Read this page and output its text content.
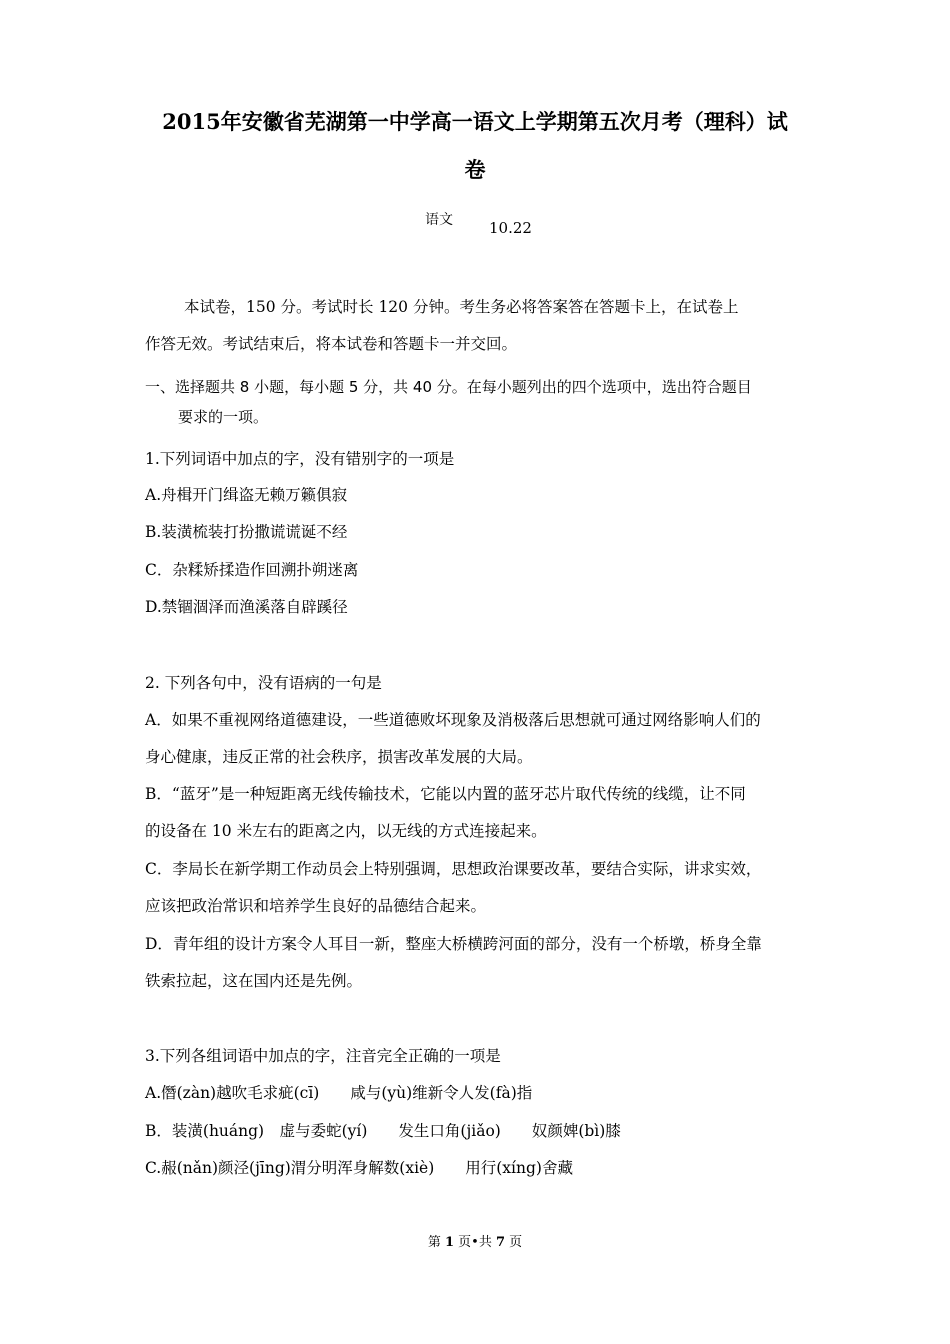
2015年安徽省芜湖第一中学高一语文上学期第五次月考（理科）试
卷
语文 10.22
本试卷，150 分。考试时长 120 分钟。考生务必将答案答在答题卡上，在试卷上
作答无效。考试结束后，将本试卷和答题卡一并交回。
一、选择题共 8 小题，每小题 5 分，共 40 分。在每小题列出的四个选项中，选出符合题目
要求的一项。
1.下列词语中加点的字，没有错别字的一项是
A.舟楫开门缉盗无赖万籁俱寂
B.装潢梳装打扮撒谎谎诞不经
C．杂糅矫揉造作回溯扑朔迷离
D.禁锢涸泽而渔溪落自辟蹊径
2. 下列各句中，没有语病的一句是
A．如果不重视网络道德建设，一些道德败坏现象及消极落后思想就可通过网络影响人们的
身心健康，违反正常的社会秩序，损害改革发展的大局。
B．“蓝牙”是一种短距离无线传输技术，它能以内置的蓝牙芯片取代传统的线缆，让不同
的设备在 10 米左右的距离之内，以无线的方式连接起来。
C．李局长在新学期工作动员会上特别强调，思想政治课要改革，要结合实际，讲求实效，
应该把政治常识和培养学生良好的品德结合起来。
D．青年组的设计方案令人耳目一新，整座大桥横跨河面的部分，没有一个桥墩，桥身全靠
铁索拉起，这在国内还是先例。
3.下列各组词语中加点的字，注音完全正确的一项是
A.僭(zàn)越吹毛求疵(cī)　　咸与(yù)维新令人发(fà)指
B．装潢(huáng)　虚与委蛇(yí)　　发生口角(jiǎo)　　奴颜婢(bì)膝
C.赧(nǎn)颜泾(jīng)渭分明浑身解数(xiè)　　用行(xíng)舍藏
第 1 页•共 7 页
